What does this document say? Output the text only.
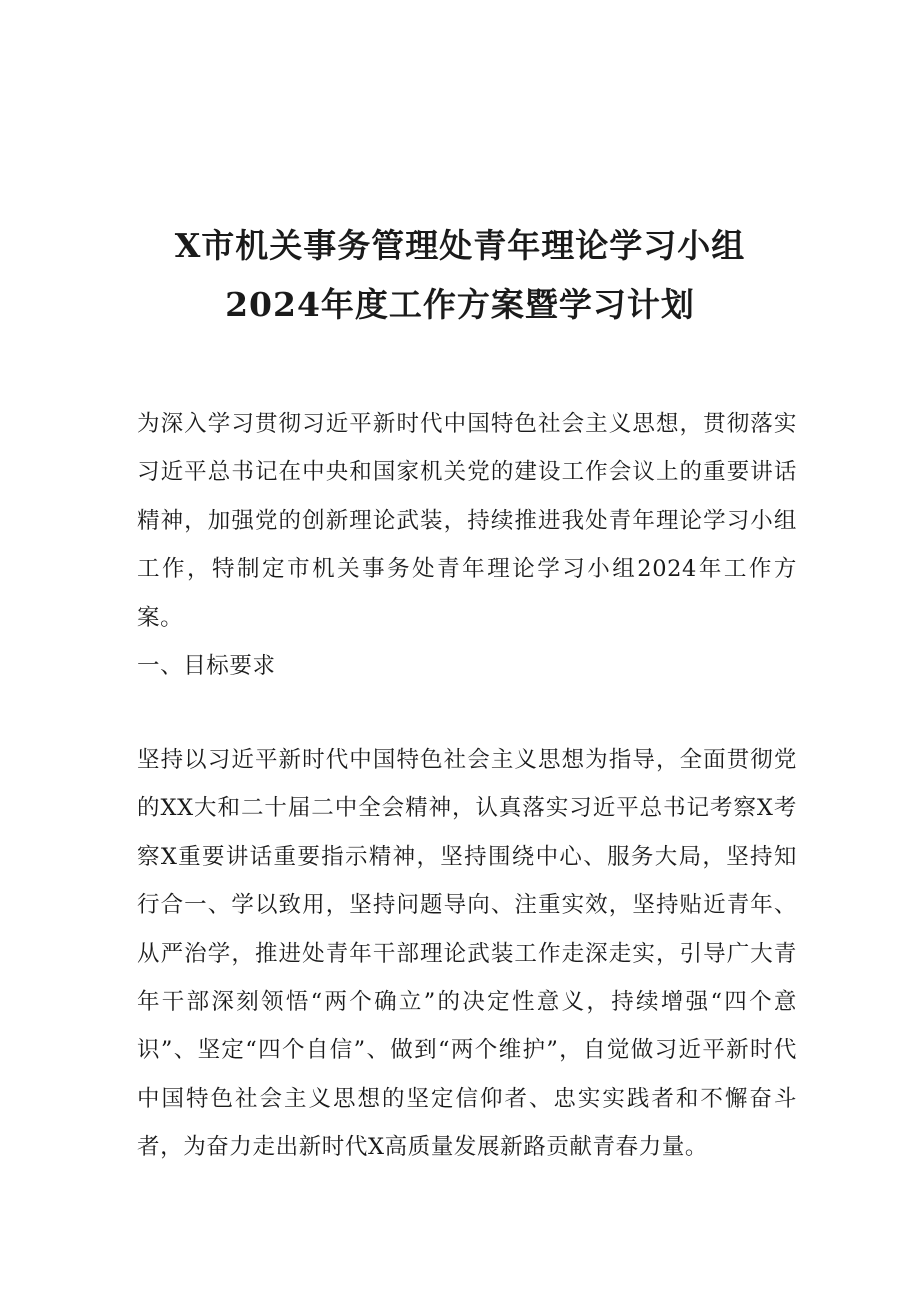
X市机关事务管理处青年理论学习小组
2024年度工作方案暨学习计划

为深入学习贯彻习近平新时代中国特色社会主义思想，贯彻落实习近平总书记在中央和国家机关党的建设工作会议上的重要讲话精神，加强党的创新理论武装，持续推进我处青年理论学习小组工作，特制定市机关事务处青年理论学习小组2024年工作方案。

一、目标要求

坚持以习近平新时代中国特色社会主义思想为指导，全面贯彻党的XX大和二十届二中全会精神，认真落实习近平总书记考察X考察X重要讲话重要指示精神，坚持围绕中心、服务大局，坚持知行合一、学以致用，坚持问题导向、注重实效，坚持贴近青年、从严治学，推进处青年干部理论武装工作走深走实，引导广大青年干部深刻领悟“两个确立”的决定性意义，持续增强“四个意识”、坚定“四个自信”、做到“两个维护”，自觉做习近平新时代中国特色社会主义思想的坚定信仰者、忠实实践者和不懈奋斗者，为奋力走出新时代X高质量发展新路贡献青春力量。
